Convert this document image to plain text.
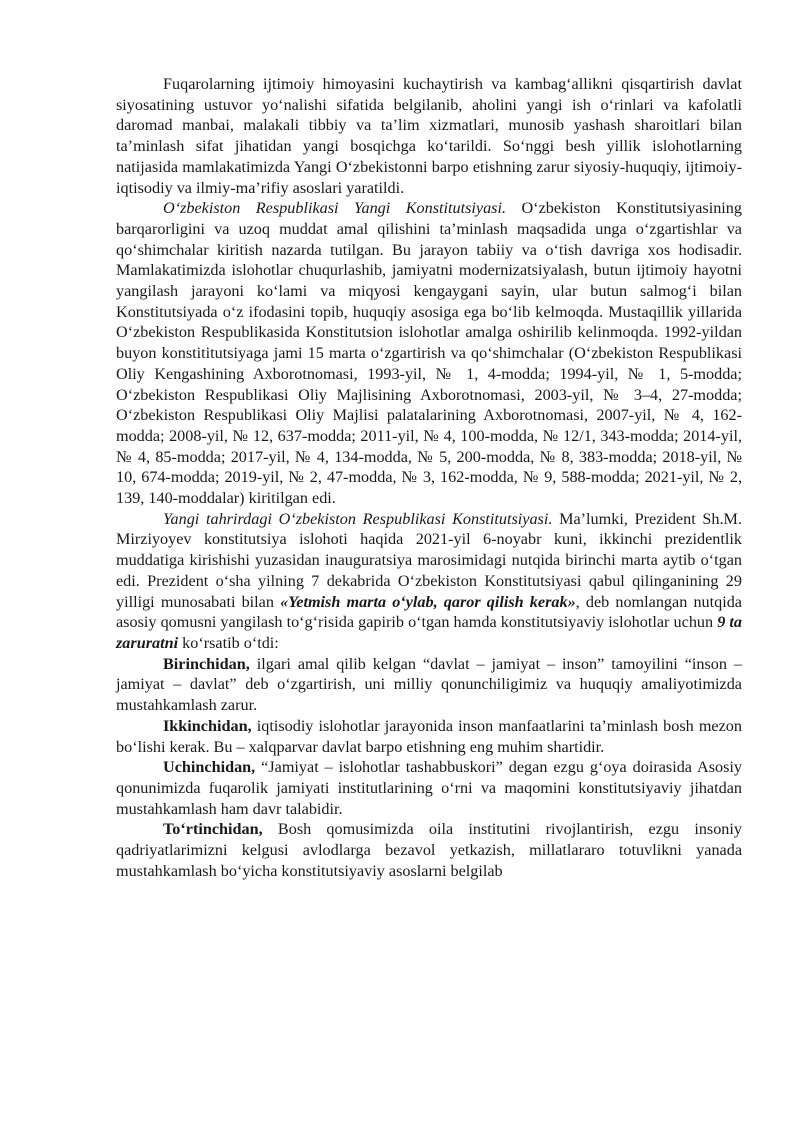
Fuqarolarning ijtimoiy himoyasini kuchaytirish va kambag‘allikni qisqartirish davlat siyosatining ustuvor yo‘nalishi sifatida belgilanib, aholini yangi ish o‘rinlari va kafolatli daromad manbai, malakali tibbiy va ta’lim xizmatlari, munosib yashash sharoitlari bilan ta’minlash sifat jihatidan yangi bosqichga ko‘tarildi. So‘nggi besh yillik islohotlarning natijasida mamlakatimizda Yangi O‘zbekistonni barpo etishning zarur siyosiy-huquqiy, ijtimoiy-iqtisodiy va ilmiy-ma’rifiy asoslari yaratildi.

O‘zbekiston Respublikasi Yangi Konstitutsiyasi. O‘zbekiston Konstitutsiyasining barqarorligini va uzoq muddat amal qilishini ta’minlash maqsadida unga o‘zgartishlar va qo‘shimchalar kiritish nazarda tutilgan. Bu jarayon tabiiy va o‘tish davriga xos hodisadir. Mamlakatimizda islohotlar chuqurlashib, jamiyatni modernizatsiyalash, butun ijtimoiy hayotni yangilash jarayoni ko‘lami va miqyosi kengaygani sayin, ular butun salmog‘i bilan Konstitutsiyada o‘z ifodasini topib, huquqiy asosiga ega bo‘lib kelmoqda. Mustaqillik yillarida O‘zbekiston Respublikasida Konstitutsion islohotlar amalga oshirilib kelinmoqda. 1992-yildan buyon konstititutsiyaga jami 15 marta o‘zgartirish va qo‘shimchalar (O‘zbekiston Respublikasi Oliy Kengashining Axborotnomasi, 1993-yil, № 1, 4-modda; 1994-yil, № 1, 5-modda; O‘zbekiston Respublikasi Oliy Majlisining Axborotnomasi, 2003-yil, № 3–4, 27-modda; O‘zbekiston Respublikasi Oliy Majlisi palatalarining Axborotnomasi, 2007-yil, № 4, 162-modda; 2008-yil, № 12, 637-modda; 2011-yil, № 4, 100-modda, № 12/1, 343-modda; 2014-yil, № 4, 85-modda; 2017-yil, № 4, 134-modda, № 5, 200-modda, № 8, 383-modda; 2018-yil, № 10, 674-modda; 2019-yil, № 2, 47-modda, № 3, 162-modda, № 9, 588-modda; 2021-yil, № 2, 139, 140-moddalar) kiritilgan edi.

Yangi tahrirdagi O‘zbekiston Respublikasi Konstitutsiyasi. Ma’lumki, Prezident Sh.M. Mirziyoyev konstitutsiya islohoti haqida 2021-yil 6-noyabr kuni, ikkinchi prezidentlik muddatiga kirishishi yuzasidan inauguratsiya marosimidagi nutqida birinchi marta aytib o‘tgan edi. Prezident o‘sha yilning 7 dekabrida O‘zbekiston Konstitutsiyasi qabul qilinganining 29 yilligi munosabati bilan «Yetmish marta o‘ylab, qaror qilish kerak», deb nomlangan nutqida asosiy qomusni yangilash to‘g‘risida gapirib o‘tgan hamda konstitutsiyaviy islohotlar uchun 9 ta zaruratni ko‘rsatib o‘tdi:

Birinchidan, ilgari amal qilib kelgan “davlat – jamiyat – inson” tamoyilini “inson – jamiyat – davlat” deb o‘zgartirish, uni milliy qonunchiligimiz va huquqiy amaliyotimizda mustahkamlash zarur.

Ikkinchidan, iqtisodiy islohotlar jarayonida inson manfaatlarini ta’minlash bosh mezon bo‘lishi kerak. Bu – xalqparvar davlat barpo etishning eng muhim shartidir.

Uchinchidan, “Jamiyat – islohotlar tashabbuskori” degan ezgu g‘oya doirasida Asosiy qonunimizda fuqarolik jamiyati institutlarining o‘rni va maqomini konstitutsiyaviy jihatdan mustahkamlash ham davr talabidir.

To‘rtinchidan, Bosh qomusimizda oila institutini rivojlantirish, ezgu insoniy qadriyatlarimizni kelgusi avlodlarga bezavol yetkazish, millatlararo totuvlikni yanada mustahkamlash bo‘yicha konstitutsiyaviy asoslarni belgilab
